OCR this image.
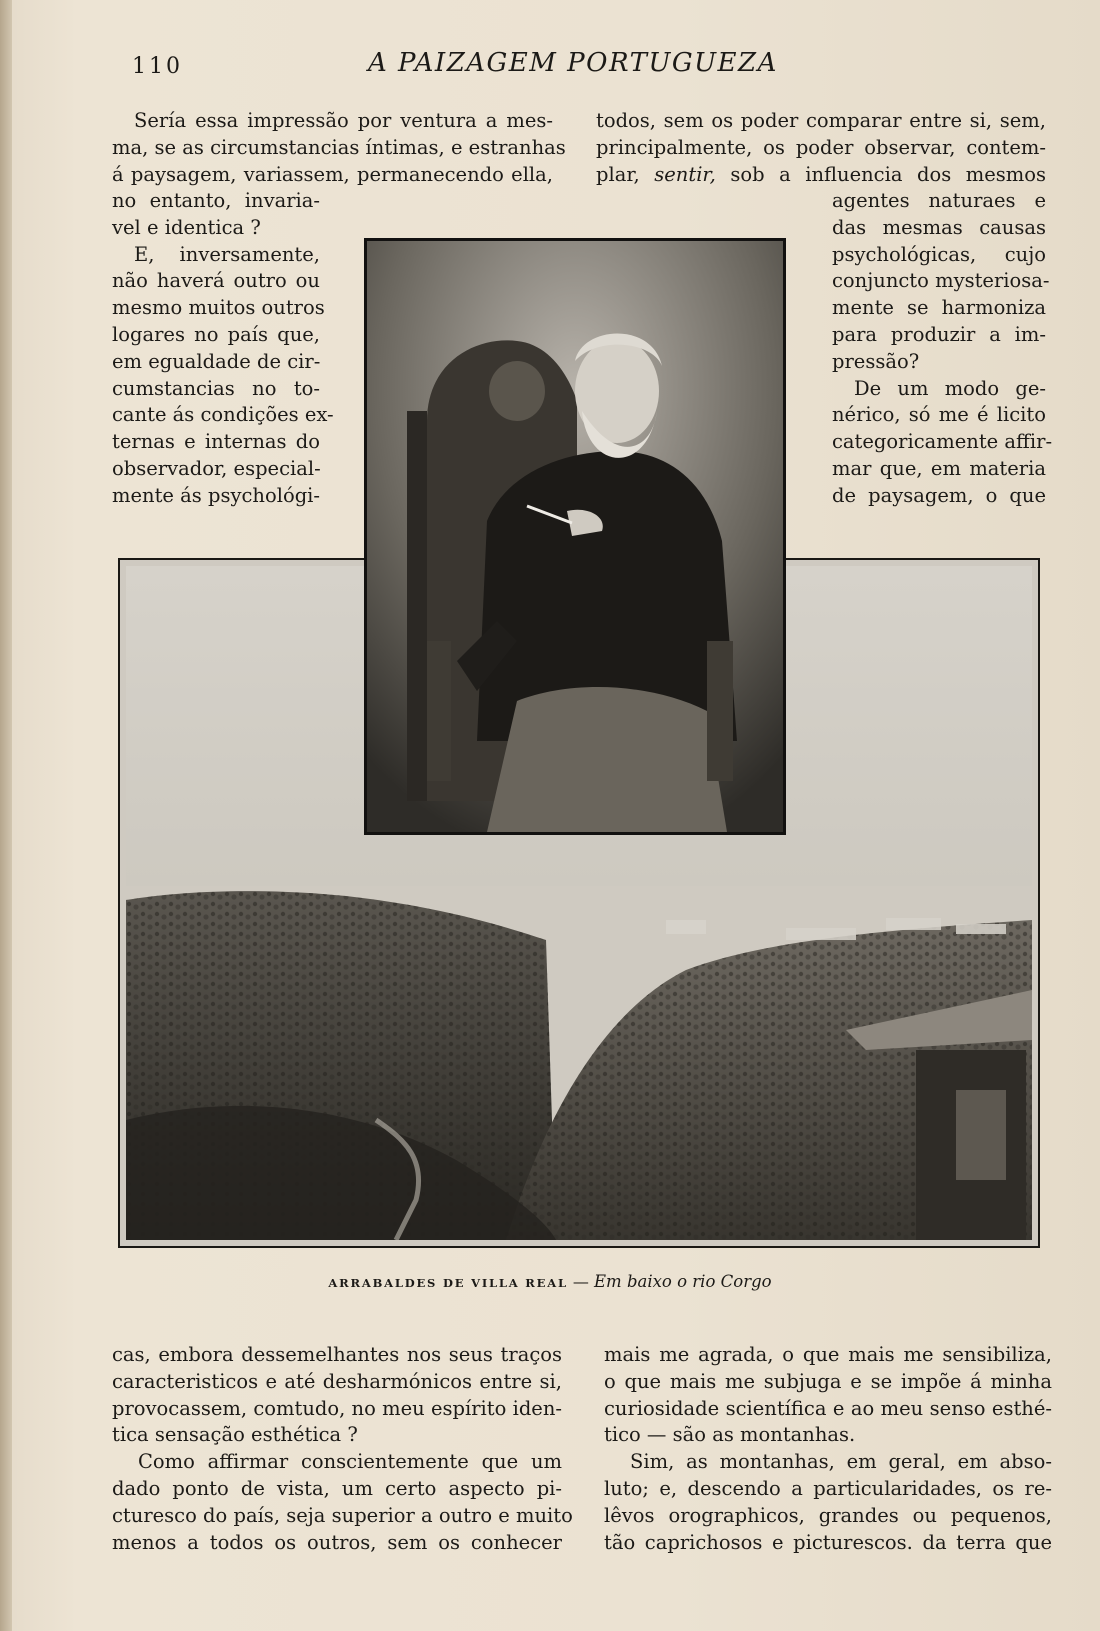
110	A PAIZAGEM PORTUGUEZA
Sería essa impressão por ventura a mes-
ma, se as circumstancias íntimas, e estranhas
á paysagem, variassem, permanecendo ella,
no entanto, invaria-
vel e identica ?
E, inversamente,
não haverá outro ou
mesmo muitos outros
logares no país que,
em egualdade de cir-
cumstancias no to-
cante ás condições ex-
ternas e internas do
observador, especial-
mente ás psychológi-
todos, sem os poder comparar entre si, sem,
principalmente, os poder observar, contem-
plar, sentir, sob a influencia dos mesmos
agentes naturaes e
das mesmas causas
psychológicas, cujo
conjuncto mysteriosa-
mente se harmoniza
para produzir a im-
pressão?
De um modo ge-
nérico, só me é licito
categoricamente affir-
mar que, em materia
de paysagem, o que
ARRABALDES DE VILLA REAL — Em baixo o rio Corgo
cas, embora dessemelhantes nos seus traços
caracteristicos e até desharmónicos entre si,
provocassem, comtudo, no meu espírito iden-
tica sensação esthética ?
Como affirmar conscientemente que um
dado ponto de vista, um certo aspecto pi-
cturesco do país, seja superior a outro e muito
menos a todos os outros, sem os conhecer
mais me agrada, o que mais me sensibiliza,
o que mais me subjuga e se impõe á minha
curiosidade scientífica e ao meu senso esthé-
tico — são as montanhas.
Sim, as montanhas, em geral, em abso-
luto; e, descendo a particularidades, os re-
lêvos orographicos, grandes ou pequenos,
tão caprichosos e picturescos. da terra que
